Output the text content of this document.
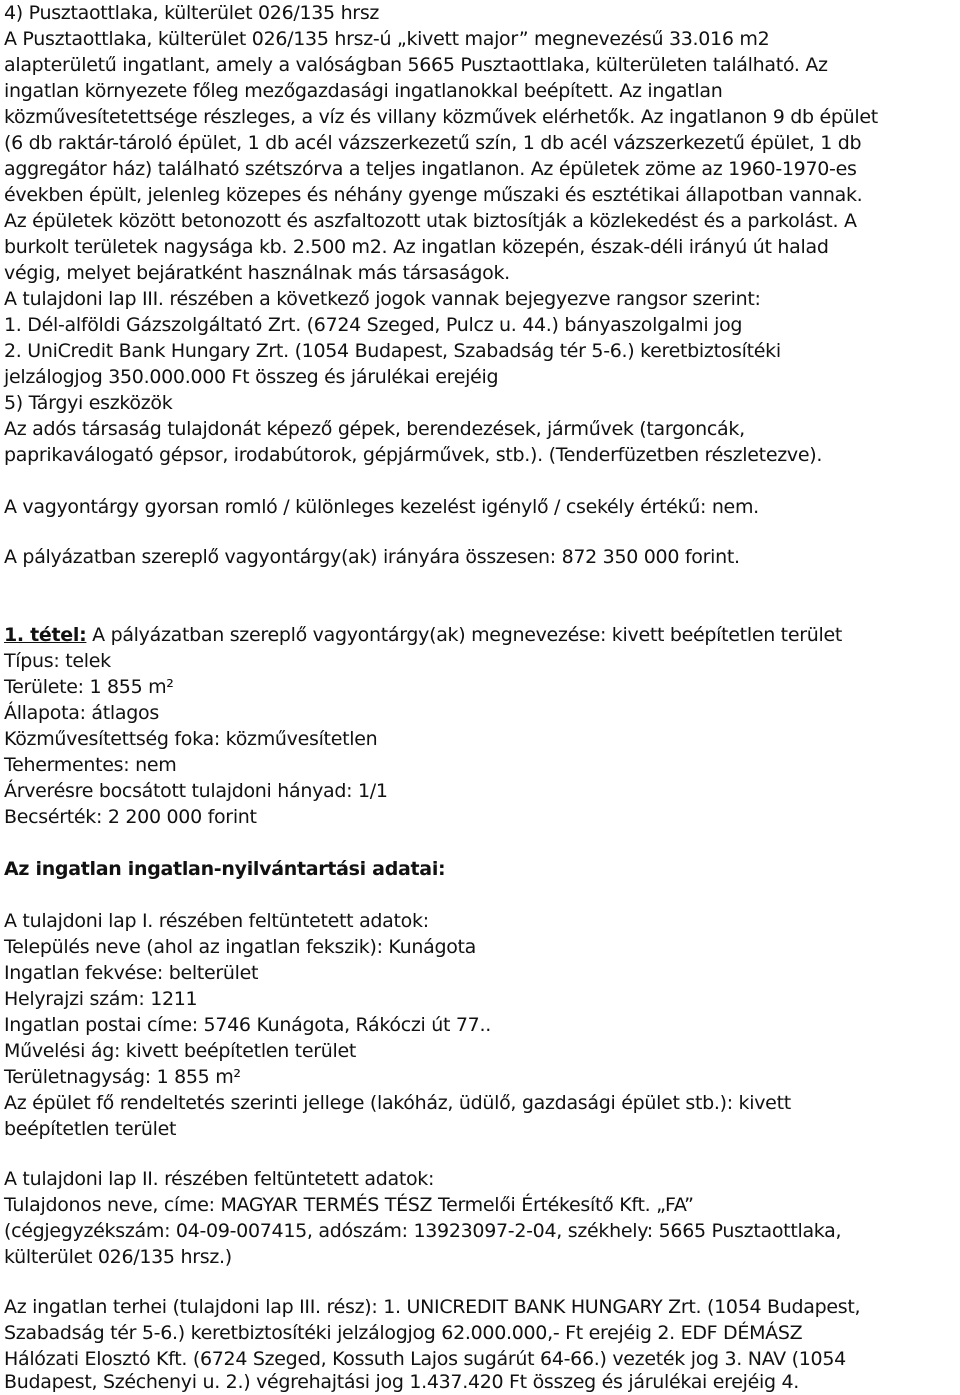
4) Pusztaottlaka, külterület 026/135 hrsz
A Pusztaottlaka, külterület 026/135 hrsz-ú „kivett major” megnevezésű 33.016 m2
alapterületű ingatlant, amely a valóságban 5665 Pusztaottlaka, külterületen található. Az
ingatlan környezete főleg mezőgazdasági ingatlanokkal beépített. Az ingatlan
közművesítetettsége részleges, a víz és villany közművek elérhetők. Az ingatlanon 9 db épület
(6 db raktár-tároló épület, 1 db acél vázszerkezetű szín, 1 db acél vázszerkezetű épület, 1 db
aggregátor ház) található szétszórva a teljes ingatlanon. Az épületek zöme az 1960-1970-es
években épült, jelenleg közepes és néhány gyenge műszaki és esztétikai állapotban vannak.
Az épületek között betonozott és aszfaltozott utak biztosítják a közlekedést és a parkolást. A
burkolt területek nagysága kb. 2.500 m2. Az ingatlan közepén, észak-déli irányú út halad
végig, melyet bejáratként használnak más társaságok.
A tulajdoni lap III. részében a következő jogok vannak bejegyezve rangsor szerint:
1. Dél-alföldi Gázszolgáltató Zrt. (6724 Szeged, Pulcz u. 44.) bányaszolgalmi jog
2. UniCredit Bank Hungary Zrt. (1054 Budapest, Szabadság tér 5-6.) keretbiztosítéki
jelzálogjog 350.000.000 Ft összeg és járulékai erejéig
5) Tárgyi eszközök
Az adós társaság tulajdonát képező gépek, berendezések, járművek (targoncák,
paprikaválogató gépsor, irodabútorok, gépjárművek, stb.). (Tenderfüzetben részletezve).
A vagyontárgy gyorsan romló / különleges kezelést igénylő / csekély értékű: nem.
A pályázatban szereplő vagyontárgy(ak) irányára összesen: 872 350 000 forint.
1. tétel: A pályázatban szereplő vagyontárgy(ak) megnevezése: kivett beépítetlen terület
Típus: telek
Területe: 1 855 m²
Állapota: átlagos
Közművesítettség foka: közművesítetlen
Tehermentes: nem
Árverésre bocsátott tulajdoni hányad: 1/1
Becsérték: 2 200 000 forint
Az ingatlan ingatlan-nyilvántartási adatai:
A tulajdoni lap I. részében feltüntetett adatok:
Település neve (ahol az ingatlan fekszik): Kunágota
Ingatlan fekvése: belterület
Helyrajzi szám: 1211
Ingatlan postai címe: 5746 Kunágota, Rákóczi út 77..
Művelési ág: kivett beépítetlen terület
Területnagyság: 1 855 m²
Az épület fő rendeltetés szerinti jellege (lakóház, üdülő, gazdasági épület stb.): kivett
beépítetlen terület
A tulajdoni lap II. részében feltüntetett adatok:
Tulajdonos neve, címe: MAGYAR TERMÉS TÉSZ Termelői Értékesítő Kft. „FA”
(cégjegyzékszám: 04-09-007415, adószám: 13923097-2-04, székhely: 5665 Pusztaottlaka,
külterület 026/135 hrsz.)
Az ingatlan terhei (tulajdoni lap III. rész): 1. UNICREDIT BANK HUNGARY Zrt. (1054 Budapest,
Szabadság tér 5-6.) keretbiztosítéki jelzálogjog 62.000.000,- Ft erejéig 2. EDF DÉMÁSZ
Hálózati Elosztó Kft. (6724 Szeged, Kossuth Lajos sugárút 64-66.) vezeték jog 3. NAV (1054
Budapest, Széchenyi u. 2.) végrehajtási jog 1.437.420 Ft összeg és járulékai erejéig 4.
